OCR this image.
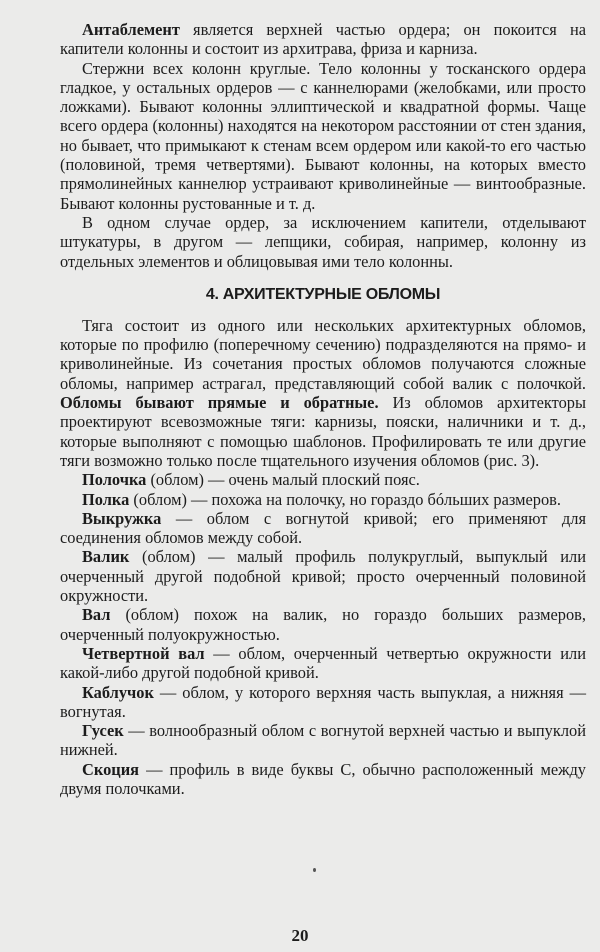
Антаблемент является верхней частью ордера; он покоится на капители колонны и состоит из архитрава, фриза и карниза.

Стержни всех колонн круглые. Тело колонны у тосканского ордера гладкое, у остальных ордеров — с каннелюрами (желобками, или просто ложками). Бывают колонны эллиптической и квадратной формы. Чаще всего ордера (колонны) находятся на некотором расстоянии от стен здания, но бывает, что примыкают к стенам всем ордером или какой-то его частью (половиной, тремя четвертями). Бывают колонны, на которых вместо прямолинейных каннелюр устраивают криволинейные — винтообразные. Бывают колонны рустованные и т. д.

В одном случае ордер, за исключением капители, отделывают штукатуры, в другом — лепщики, собирая, например, колонну из отдельных элементов и облицовывая ими тело колонны.

4. АРХИТЕКТУРНЫЕ ОБЛОМЫ

Тяга состоит из одного или нескольких архитектурных обломов, которые по профилю (поперечному сечению) подразделяются на прямо- и криволинейные. Из сочетания простых обломов получаются сложные обломы, например астрагал, представляющий собой валик с полочкой. Обломы бывают прямые и обратные. Из обломов архитекторы проектируют всевозможные тяги: карнизы, пояски, наличники и т. д., которые выполняют с помощью шаблонов. Профилировать те или другие тяги возможно только после тщательного изучения обломов (рис. 3).

Полочка (облом) — очень малый плоский пояс.

Полка (облом) — похожа на полочку, но гораздо бóльших размеров.

Выкружка — облом с вогнутой кривой; его применяют для соединения обломов между собой.

Валик (облом) — малый профиль полукруглый, выпуклый или очерченный другой подобной кривой; просто очерченный половиной окружности.

Вал (облом) похож на валик, но гораздо больших размеров, очерченный полуокружностью.

Четвертной вал — облом, очерченный четвертью окружности или какой-либо другой подобной кривой.

Каблучок — облом, у которого верхняя часть выпуклая, а нижняя — вогнутая.

Гусек — волнообразный облом с вогнутой верхней частью и выпуклой нижней.

Скоция — профиль в виде буквы С, обычно расположенный между двумя полочками.

20
